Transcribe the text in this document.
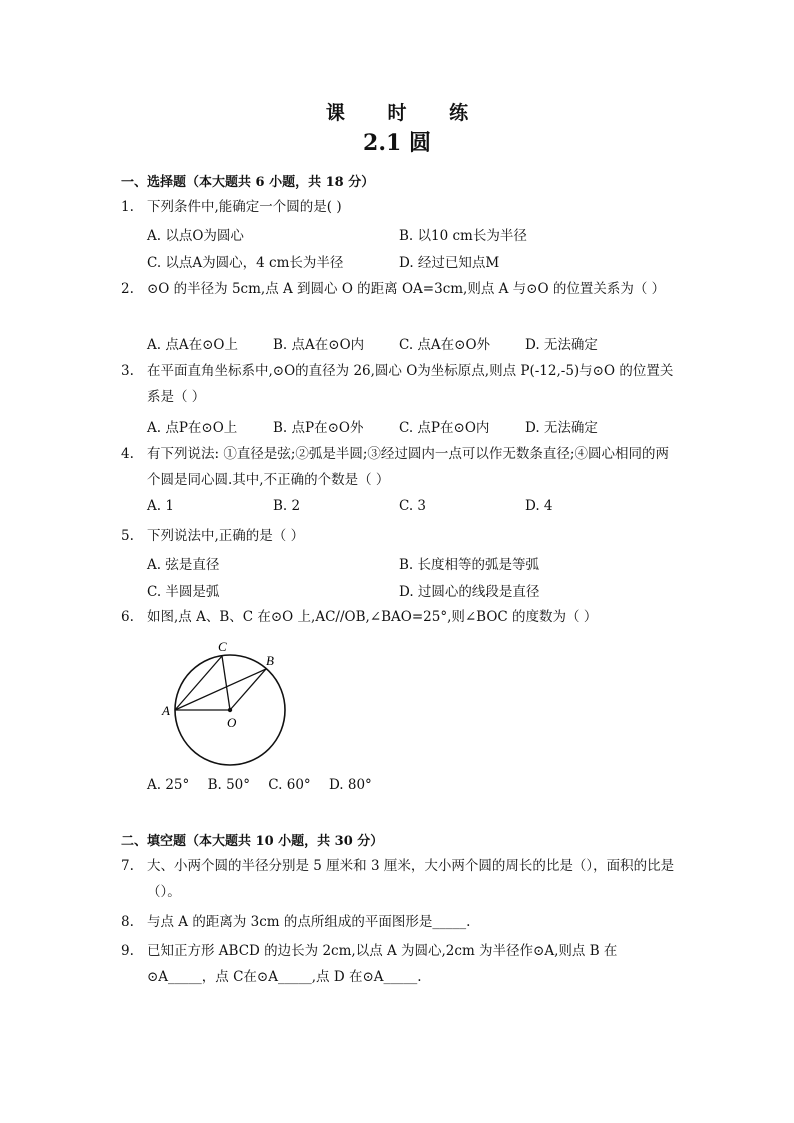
课 时 练
2.1 圆
一、选择题（本大题共 6 小题，共 18 分）
1. 下列条件中,能确定一个圆的是( )
A. 以点O为圆心	B. 以10 cm长为半径
C. 以点A为圆心，4 cm长为半径	D. 经过已知点M
2. ⊙O 的半径为 5cm,点 A 到圆心 O 的距离 OA=3cm,则点 A 与⊙O 的位置关系为（ ）
A. 点A在⊙O上	B. 点A在⊙O内	C. 点A在⊙O外	D. 无法确定
3. 在平面直角坐标系中,⊙O的直径为 26,圆心 O为坐标原点,则点 P(-12,-5)与⊙O 的位置关系是（ ）
A. 点P在⊙O上	B. 点P在⊙O外	C. 点P在⊙O内	D. 无法确定
4. 有下列说法: ①直径是弦;②弧是半圆;③经过圆内一点可以作无数条直径;④圆心相同的两个圆是同心圆.其中,不正确的个数是（ ）
A. 1	B. 2	C. 3	D. 4
5. 下列说法中,正确的是（ ）
A. 弦是直径	B. 长度相等的弧是等弧
C. 半圆是弧	D. 过圆心的线段是直径
6. 如图,点 A、B、C 在⊙O 上,AC//OB,∠BAO=25°,则∠BOC 的度数为（ ）
C
B
A
O
A. 25° B. 50° C. 60° D. 80°
二、填空题（本大题共 10 小题，共 30 分）
7. 大、小两个圆的半径分别是 5 厘米和 3 厘米，大小两个圆的周长的比是（），面积的比是（）。
8. 与点 A 的距离为 3cm 的点所组成的平面图形是_____.
9. 已知正方形 ABCD 的边长为 2cm,以点 A 为圆心,2cm 为半径作⊙A,则点 B 在⊙A_____，点 C在⊙A_____,点 D 在⊙A_____.
